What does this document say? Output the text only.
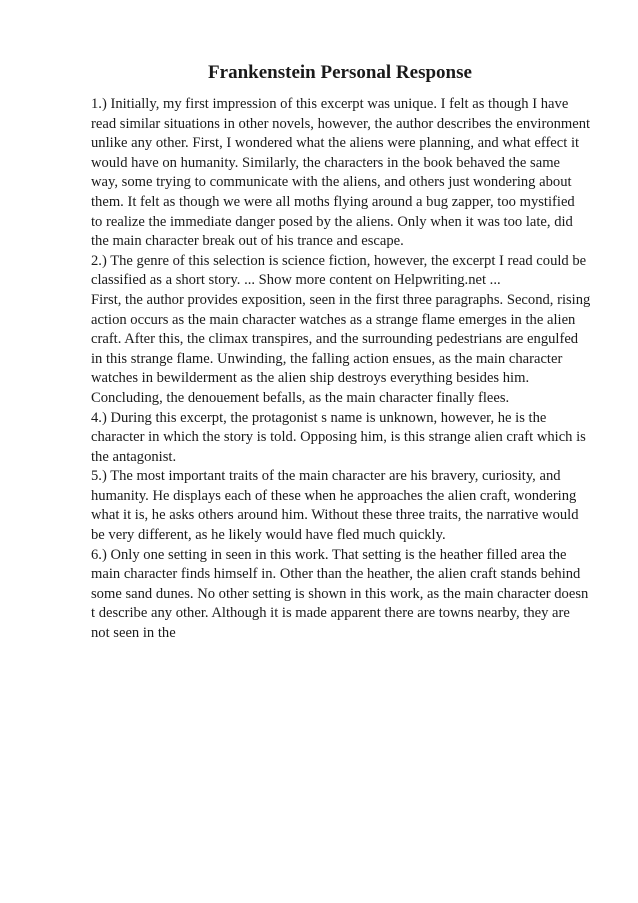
Frankenstein Personal Response
1.) Initially, my first impression of this excerpt was unique. I felt as though I have
read similar situations in other novels, however, the author describes the environment
unlike any other. First, I wondered what the aliens were planning, and what effect it
would have on humanity. Similarly, the characters in the book behaved the same
way, some trying to communicate with the aliens, and others just wondering about
them. It felt as though we were all moths flying around a bug zapper, too mystified
to realize the immediate danger posed by the aliens. Only when it was too late, did
the main character break out of his trance and escape.
2.) The genre of this selection is science fiction, however, the excerpt I read could be
classified as a short story. ... Show more content on Helpwriting.net ...
First, the author provides exposition, seen in the first three paragraphs. Second, rising
action occurs as the main character watches as a strange flame emerges in the alien
craft. After this, the climax transpires, and the surrounding pedestrians are engulfed
in this strange flame. Unwinding, the falling action ensues, as the main character
watches in bewilderment as the alien ship destroys everything besides him.
Concluding, the denouement befalls, as the main character finally flees.
4.) During this excerpt, the protagonist s name is unknown, however, he is the
character in which the story is told. Opposing him, is this strange alien craft which is
the antagonist.
5.) The most important traits of the main character are his bravery, curiosity, and
humanity. He displays each of these when he approaches the alien craft, wondering
what it is, he asks others around him. Without these three traits, the narrative would
be very different, as he likely would have fled much quickly.
6.) Only one setting in seen in this work. That setting is the heather filled area the
main character finds himself in. Other than the heather, the alien craft stands behind
some sand dunes. No other setting is shown in this work, as the main character doesn
t describe any other. Although it is made apparent there are towns nearby, they are
not seen in the
